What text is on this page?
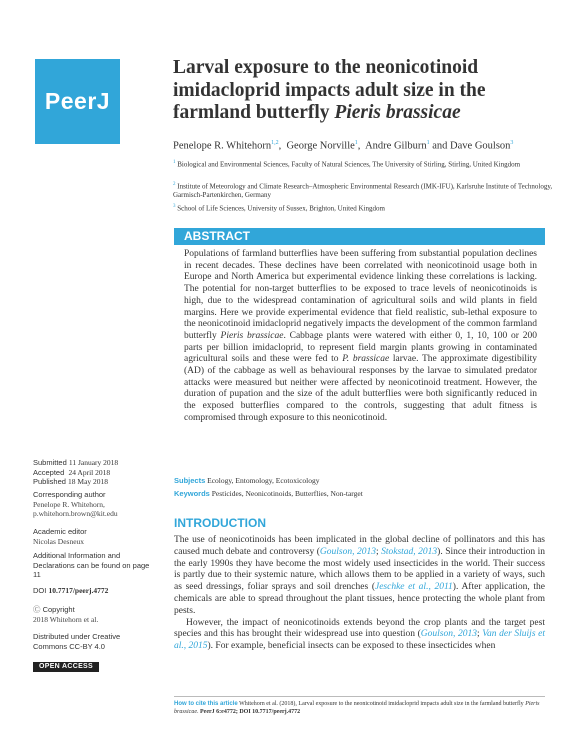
PeerJ
Larval exposure to the neonicotinoid imidacloprid impacts adult size in the farmland butterfly Pieris brassicae
Penelope R. Whitehorn$^{1,2}$, George Norville$^1$, Andre Gilburn$^1$ and Dave Goulson$^3$
$^1$ Biological and Environmental Sciences, Faculty of Natural Sciences, The University of Stirling, Stirling, United Kingdom
$^2$ Institute of Meteorology and Climate Research–Atmospheric Environmental Research (IMK-IFU), Karlsruhe Institute of Technology, Garmisch-Partenkirchen, Germany
$^3$ School of Life Sciences, University of Sussex, Brighton, United Kingdom
ABSTRACT
Populations of farmland butterflies have been suffering from substantial population declines in recent decades. These declines have been correlated with neonicotinoid usage both in Europe and North America but experimental evidence linking these correlations is lacking. The potential for non-target butterflies to be exposed to trace levels of neonicotinoids is high, due to the widespread contamination of agricultural soils and wild plants in field margins. Here we provide experimental evidence that field realistic, sub-lethal exposure to the neonicotinoid imidacloprid negatively impacts the development of the common farmland butterfly Pieris brassicae. Cabbage plants were watered with either 0, 1, 10, 100 or 200 parts per billion imidacloprid, to represent field margin plants growing in contaminated agricultural soils and these were fed to P. brassicae larvae. The approximate digestibility (AD) of the cabbage as well as behavioural responses by the larvae to simulated predator attacks were measured but neither were affected by neonicotinoid treatment. However, the duration of pupation and the size of the adult butterflies were both significantly reduced in the exposed butterflies compared to the controls, suggesting that adult fitness is compromised through exposure to this neonicotinoid.
Subjects Ecology, Entomology, Ecotoxicology
Keywords Pesticides, Neonicotinoids, Butterflies, Non-target
Submitted 11 January 2018
Accepted 24 April 2018
Published 18 May 2018
Corresponding author
Penelope R. Whitehorn,
p.whitehorn.brown@kit.edu
Academic editor
Nicolas Desneux
Additional Information and Declarations can be found on page 11
DOI 10.7717/peerj.4772
Ⓒ Copyright
2018 Whitehorn et al.
Distributed under Creative Commons CC-BY 4.0
OPEN ACCESS
INTRODUCTION

The use of neonicotinoids has been implicated in the global decline of pollinators and this has caused much debate and controversy (Goulson, 2013; Stokstad, 2013). Since their introduction in the early 1990s they have become the most widely used insecticides in the world. Their success is partly due to their systemic nature, which allows them to be applied in a variety of ways, such as seed dressings, foliar sprays and soil drenches (Jeschke et al., 2011). After application, the chemicals are able to spread throughout the plant tissues, hence protecting the whole plant from pests.

However, the impact of neonicotinoids extends beyond the crop plants and the target pest species and this has brought their widespread use into question (Goulson, 2013; Van der Sluijs et al., 2015). For example, beneficial insects can be exposed to these insecticides when

How to cite this article Whitehorn et al. (2018), Larval exposure to the neonicotinoid imidacloprid impacts adult size in the farmland butterfly Pieris brassicae. PeerJ 6:e4772; DOI 10.7717/peerj.4772
